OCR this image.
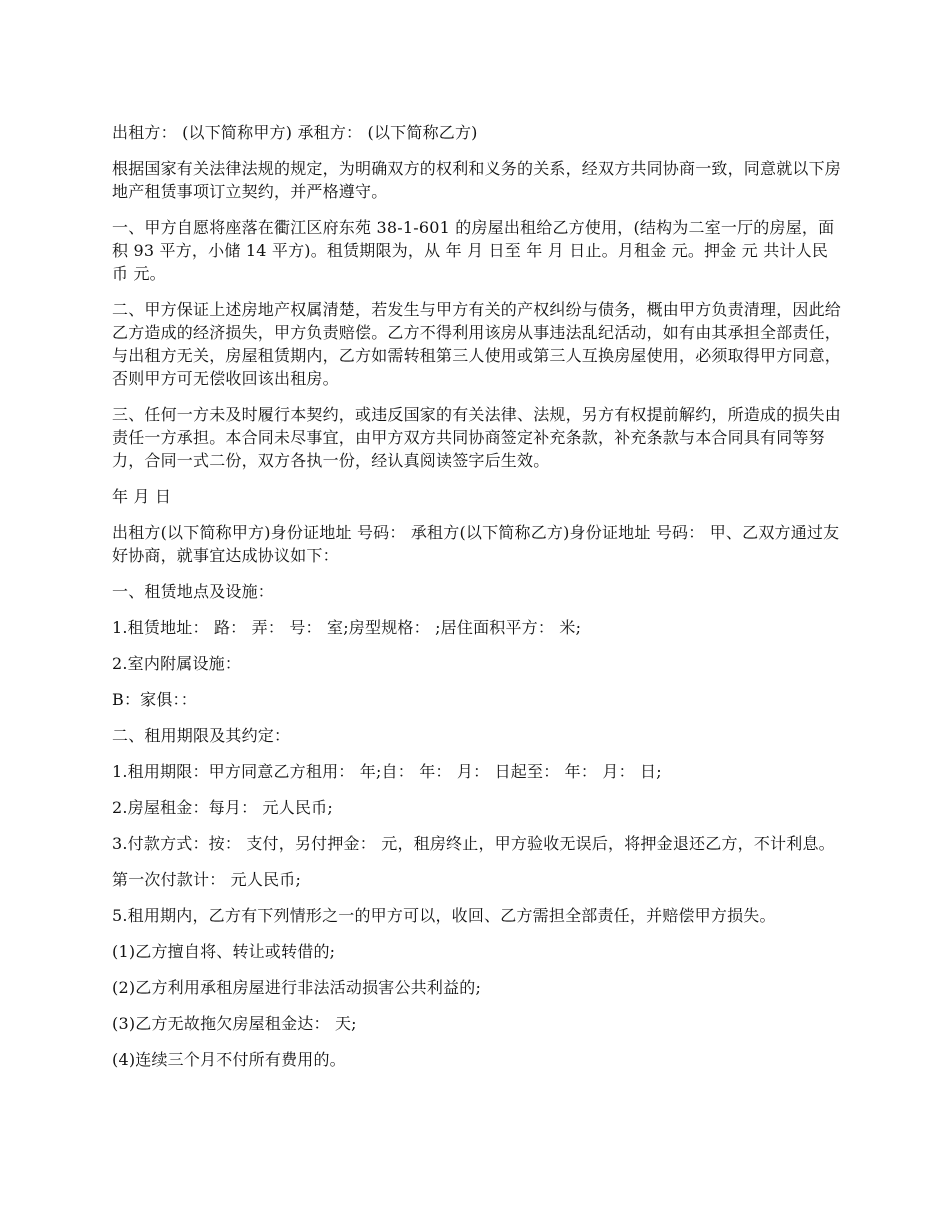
出租方： (以下简称甲方) 承租方： (以下简称乙方)

根据国家有关法律法规的规定，为明确双方的权利和义务的关系，经双方共同协商一致，同意就以下房地产租赁事项订立契约，并严格遵守。

一、甲方自愿将座落在衢江区府东苑 38-1-601 的房屋出租给乙方使用，(结构为二室一厅的房屋，面积 93 平方，小储 14 平方)。租赁期限为，从 年 月 日至 年 月 日止。月租金 元。押金 元 共计人民币 元。

二、甲方保证上述房地产权属清楚，若发生与甲方有关的产权纠纷与债务，概由甲方负责清理，因此给乙方造成的经济损失，甲方负责赔偿。乙方不得利用该房从事违法乱纪活动，如有由其承担全部责任，与出租方无关，房屋租赁期内，乙方如需转租第三人使用或第三人互换房屋使用，必须取得甲方同意，否则甲方可无偿收回该出租房。

三、任何一方未及时履行本契约，或违反国家的有关法律、法规，另方有权提前解约，所造成的损失由责任一方承担。本合同未尽事宜，由甲方双方共同协商签定补充条款，补充条款与本合同具有同等努力，合同一式二份，双方各执一份，经认真阅读签字后生效。

年 月 日

出租方(以下简称甲方)身份证地址 号码： 承租方(以下简称乙方)身份证地址 号码： 甲、乙双方通过友好协商，就事宜达成协议如下：

一、租赁地点及设施：

1.租赁地址： 路： 弄： 号： 室;房型规格： ;居住面积平方： 米;

2.室内附属设施：

B：家俱：：

二、租用期限及其约定：

1.租用期限：甲方同意乙方租用： 年;自： 年： 月： 日起至： 年： 月： 日;

2.房屋租金：每月： 元人民币;

3.付款方式：按： 支付，另付押金： 元，租房终止，甲方验收无误后，将押金退还乙方，不计利息。

第一次付款计： 元人民币;

5.租用期内，乙方有下列情形之一的甲方可以，收回、乙方需担全部责任，并赔偿甲方损失。

(1)乙方擅自将、转让或转借的;

(2)乙方利用承租房屋进行非法活动损害公共利益的;

(3)乙方无故拖欠房屋租金达： 天;

(4)连续三个月不付所有费用的。
